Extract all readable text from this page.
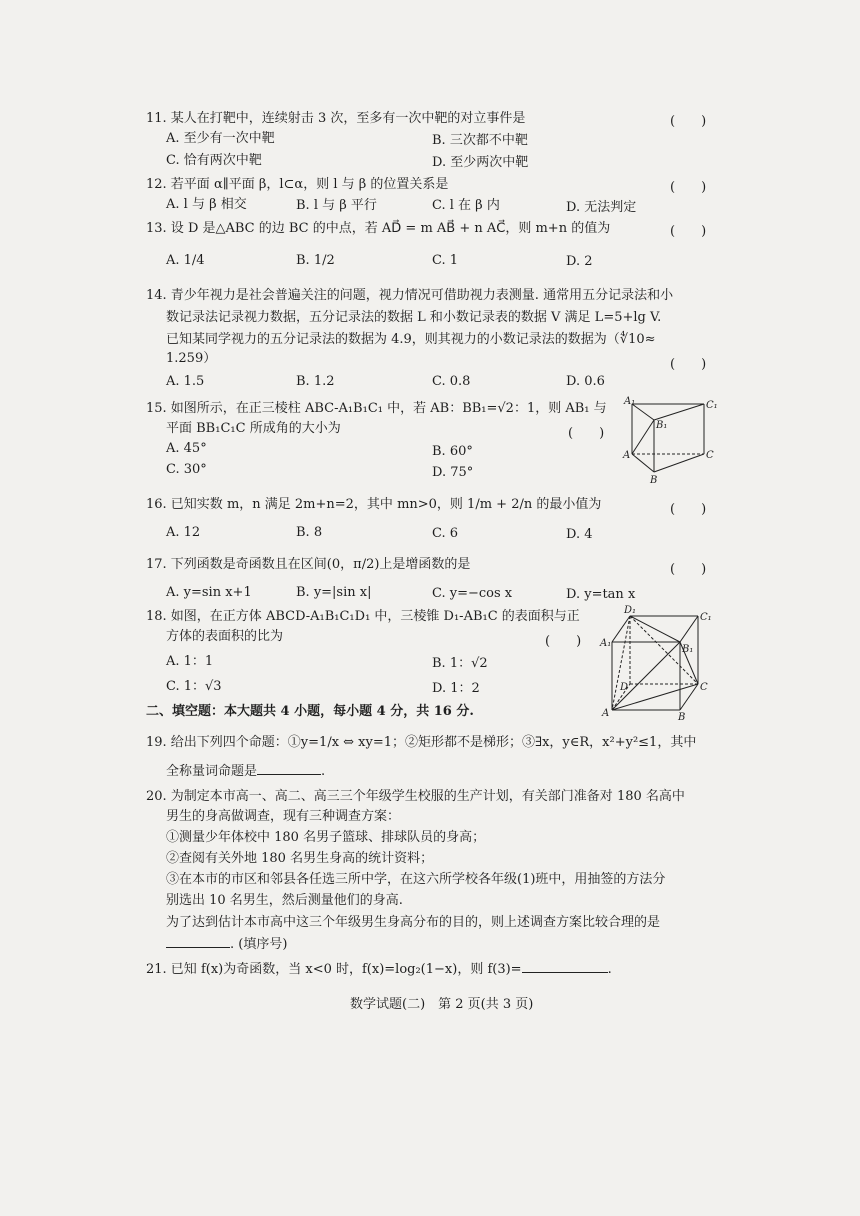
11. 某人在打靶中，连续射击 3 次，至多有一次中靶的对立事件是	(　　)
A. 至少有一次中靶	B. 三次都不中靶
C. 恰有两次中靶	D. 至少两次中靶
12. 若平面 α∥平面 β，l⊂α，则 l 与 β 的位置关系是	(　　)
A. l 与 β 相交	B. l 与 β 平行	C. l 在 β 内	D. 无法判定
13. 设 D 是△ABC 的边 BC 的中点，若 AD⃗ = m AB⃗ + n AC⃗，则 m+n 的值为	(　　)
A. 1/4	B. 1/2	C. 1	D. 2
14. 青少年视力是社会普遍关注的问题，视力情况可借助视力表测量. 通常用五分记录法和小
数记录法记录视力数据，五分记录法的数据 L 和小数记录表的数据 V 满足 L=5+lg V.
已知某同学视力的五分记录法的数据为 4.9，则其视力的小数记录法的数据为（∜10≈
1.259）	(　　)
A. 1.5	B. 1.2	C. 0.8	D. 0.6
15. 如图所示，在正三棱柱 ABC-A₁B₁C₁ 中，若 AB：BB₁=√2：1，则 AB₁ 与
平面 BB₁C₁C 所成角的大小为	(　　)
A. 45°	B. 60°
C. 30°	D. 75°
A₁	C₁
B₁
A	C
B
16. 已知实数 m，n 满足 2m+n=2，其中 mn>0，则 1/m + 2/n 的最小值为	(　　)
A. 12	B. 8	C. 6	D. 4
17. 下列函数是奇函数且在区间(0，π/2)上是增函数的是	(　　)
A. y=sin x+1	B. y=|sin x|	C. y=−cos x	D. y=tan x
18. 如图，在正方体 ABCD-A₁B₁C₁D₁ 中，三棱锥 D₁-AB₁C 的表面积与正
方体的表面积的比为	(　　)
A. 1：1	B. 1：√2
C. 1：√3	D. 1：2
D₁
C₁
A₁
B₁
D	C
A	B
二、填空题：本大题共 4 小题，每小题 4 分，共 16 分.
19. 给出下列四个命题：①y=1/x ⇔ xy=1；②矩形都不是梯形；③∃x，y∈R，x²+y²≤1，其中
全称量词命题是	.
20. 为制定本市高一、高二、高三三个年级学生校服的生产计划，有关部门准备对 180 名高中
男生的身高做调查，现有三种调查方案：
①测量少年体校中 180 名男子篮球、排球队员的身高；
②查阅有关外地 180 名男生身高的统计资料；
③在本市的市区和邻县各任选三所中学，在这六所学校各年级(1)班中，用抽签的方法分
别选出 10 名男生，然后测量他们的身高.
为了达到估计本市高中这三个年级男生身高分布的目的，则上述调查方案比较合理的是
. (填序号)
21. 已知 f(x)为奇函数，当 x<0 时，f(x)=log₂(1−x)，则 f(3)=	.
数学试题(二)　第 2 页(共 3 页)
